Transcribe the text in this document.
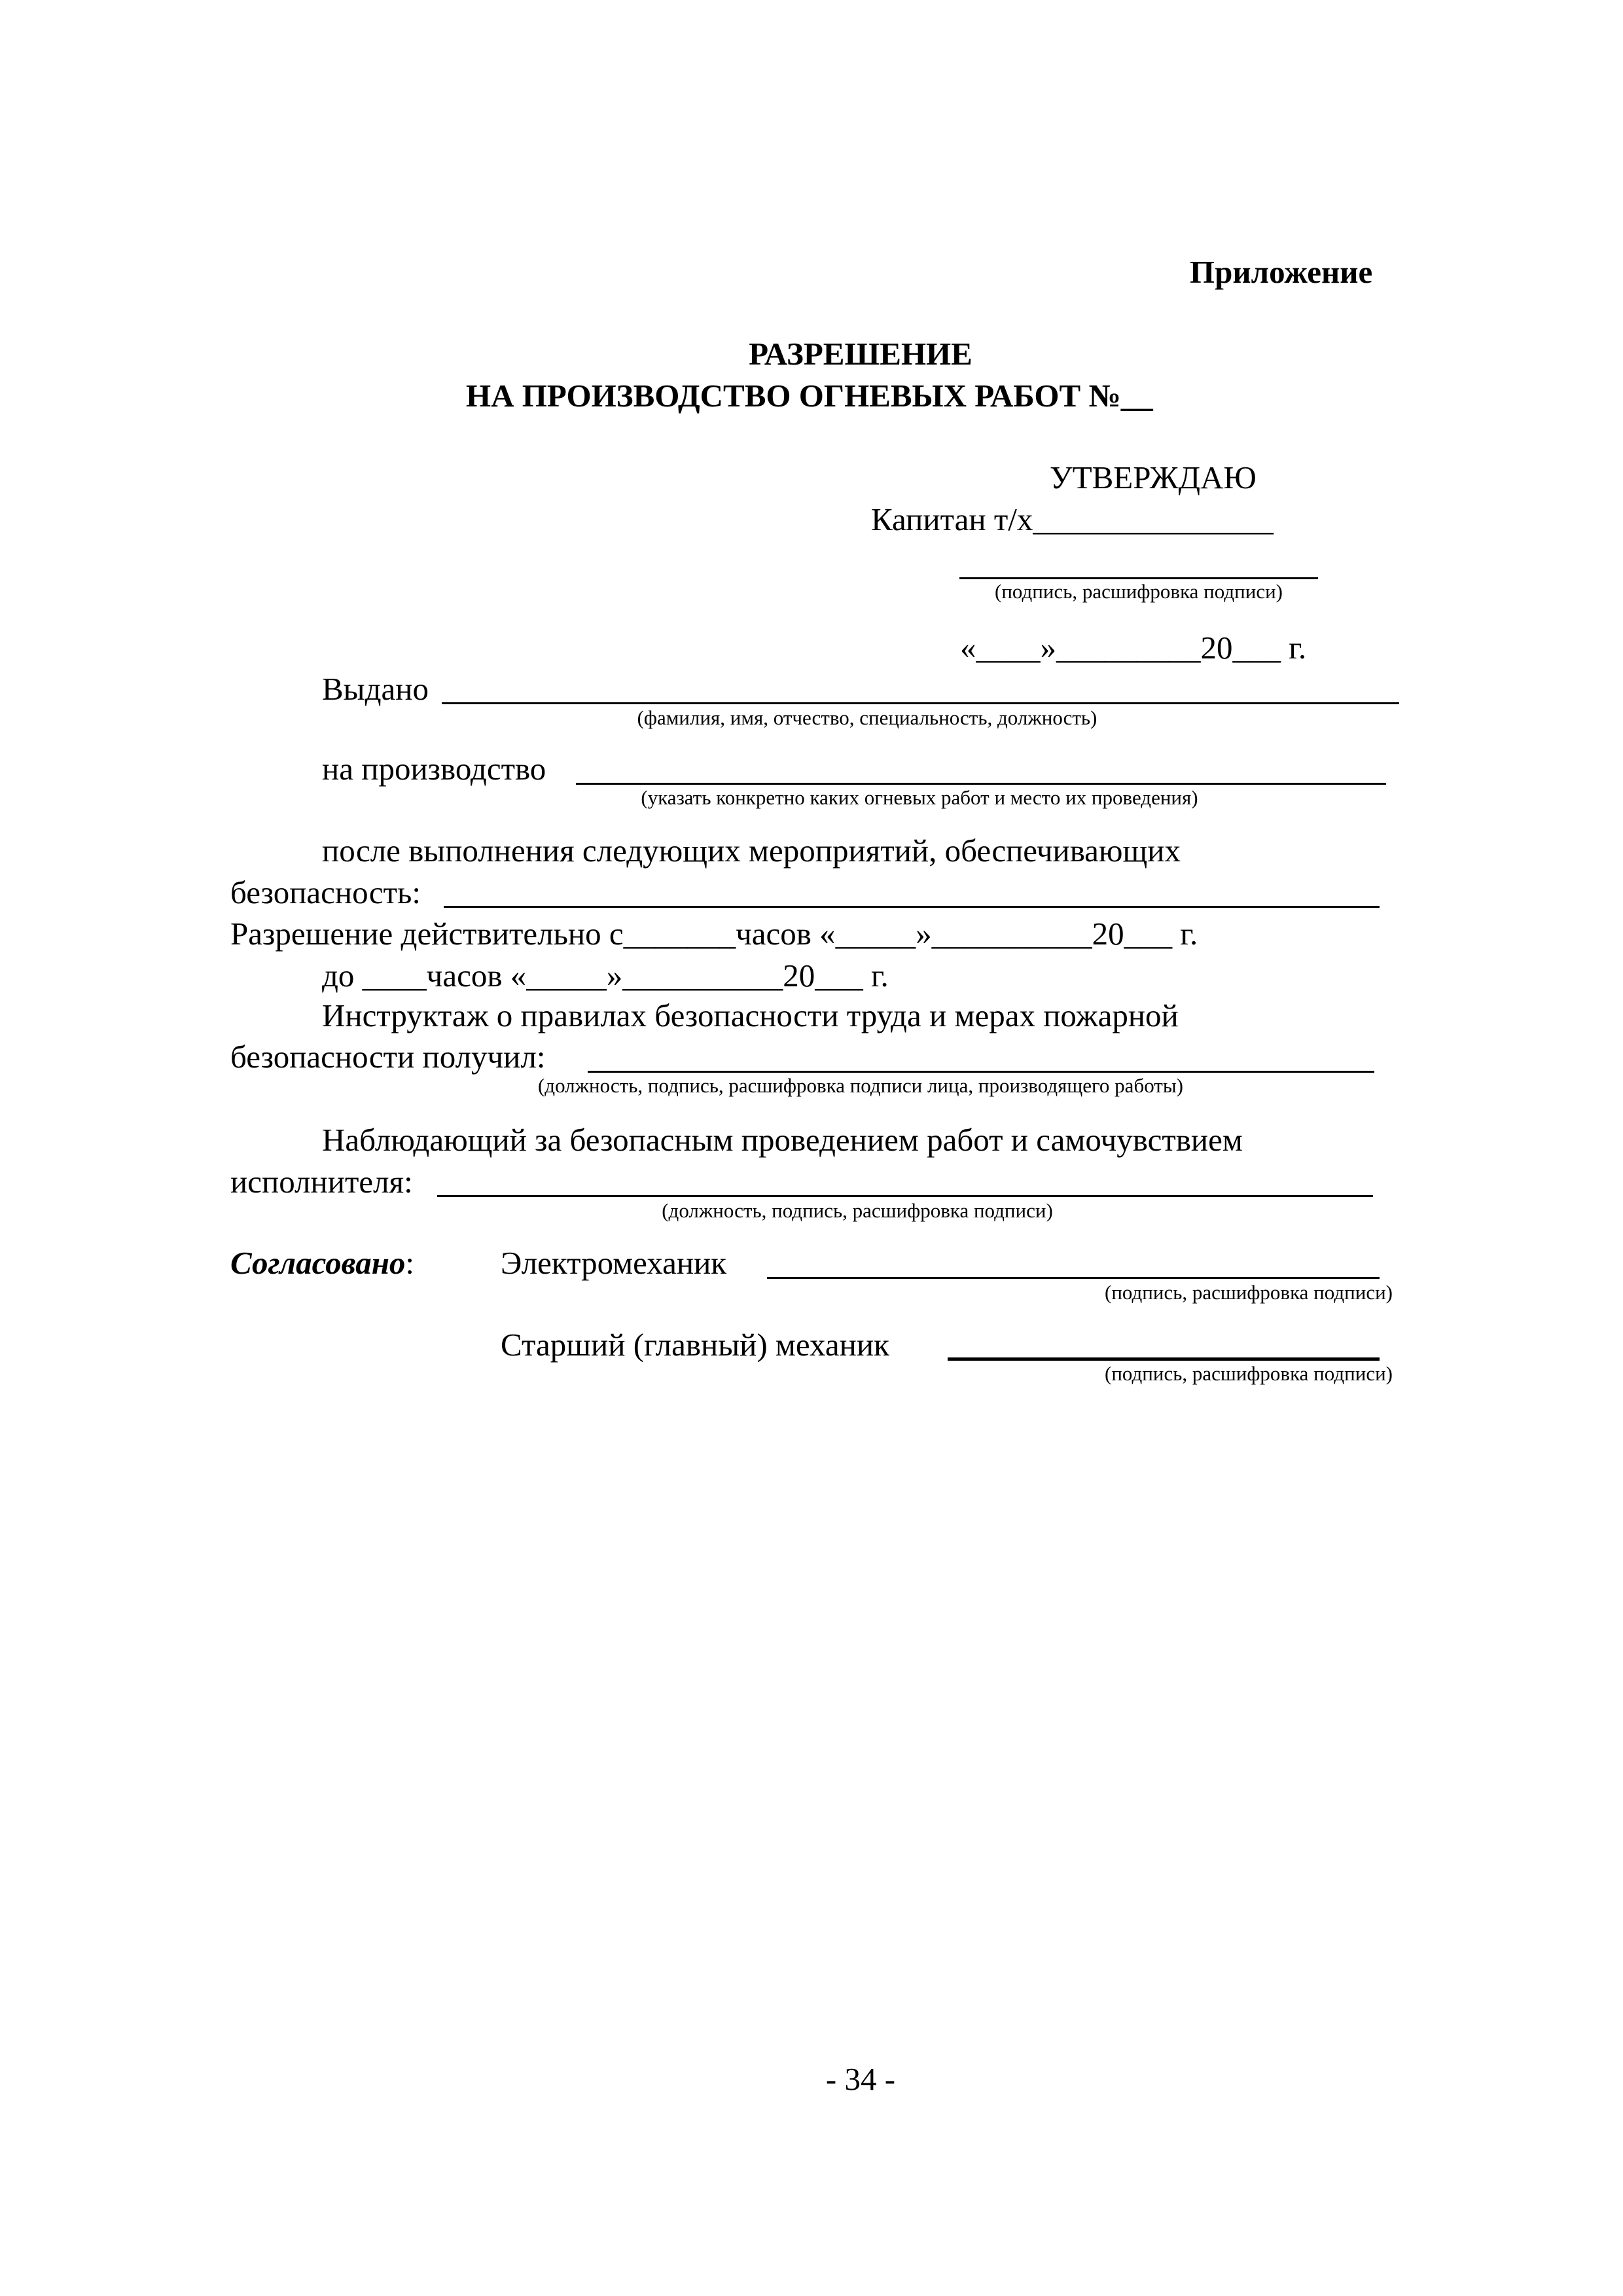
Приложение
РАЗРЕШЕНИЕ
НА ПРОИЗВОДСТВО ОГНЕВЫХ РАБОТ №__
УТВЕРЖДАЮ
Капитан т/х_______________
(подпись, расшифровка подписи)
«____»_________20___ г.
Выдано
(фамилия, имя, отчество, специальность, должность)
на производство
(указать конкретно каких огневых работ и место их проведения)
после выполнения следующих мероприятий, обеспечивающих
безопасность:
Разрешение действительно с_______часов «_____»__________20___ г.
до ____часов «_____»__________20___ г.
Инструктаж о правилах безопасности труда и мерах пожарной
безопасности получил:
(должность, подпись, расшифровка подписи лица, производящего работы)
Наблюдающий за безопасным проведением работ и самочувствием
исполнителя:
(должность, подпись, расшифровка подписи)
Согласовано:	Электромеханик
(подпись, расшифровка подписи)
Старший (главный) механик
(подпись, расшифровка подписи)
- 34 -
